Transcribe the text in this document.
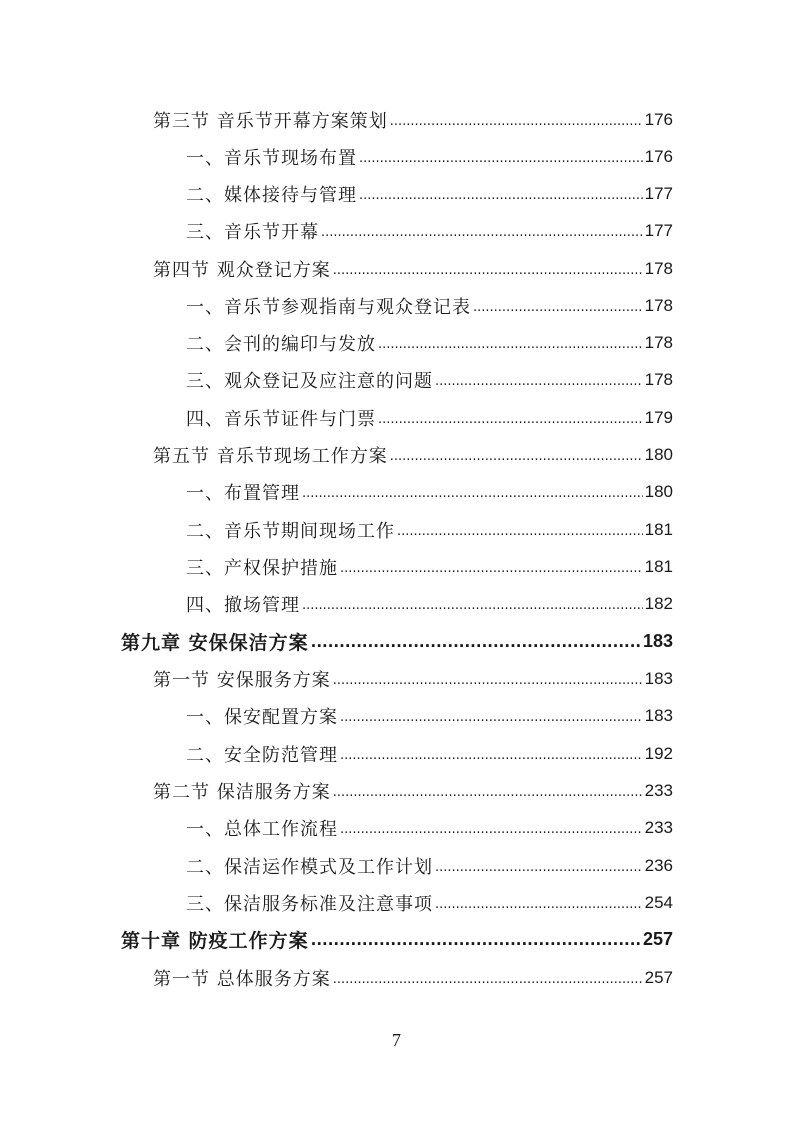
第三节 音乐节开幕方案策划 .....	176
一、音乐节现场布置 .....	176
二、媒体接待与管理 .....	177
三、音乐节开幕 .....	177
第四节 观众登记方案 .....	178
一、音乐节参观指南与观众登记表 .....	178
二、会刊的编印与发放 .....	178
三、观众登记及应注意的问题 .....	178
四、音乐节证件与门票 .....	179
第五节 音乐节现场工作方案 .....	180
一、布置管理 .....	180
二、音乐节期间现场工作 .....	181
三、产权保护措施 .....	181
四、撤场管理 .....	182
第九章 安保保洁方案 .....	183
第一节 安保服务方案 .....	183
一、保安配置方案 .....	183
二、安全防范管理 .....	192
第二节 保洁服务方案 .....	233
一、总体工作流程 .....	233
二、保洁运作模式及工作计划 .....	236
三、保洁服务标准及注意事项 .....	254
第十章 防疫工作方案 .....	257
第一节 总体服务方案 .....	257
7
